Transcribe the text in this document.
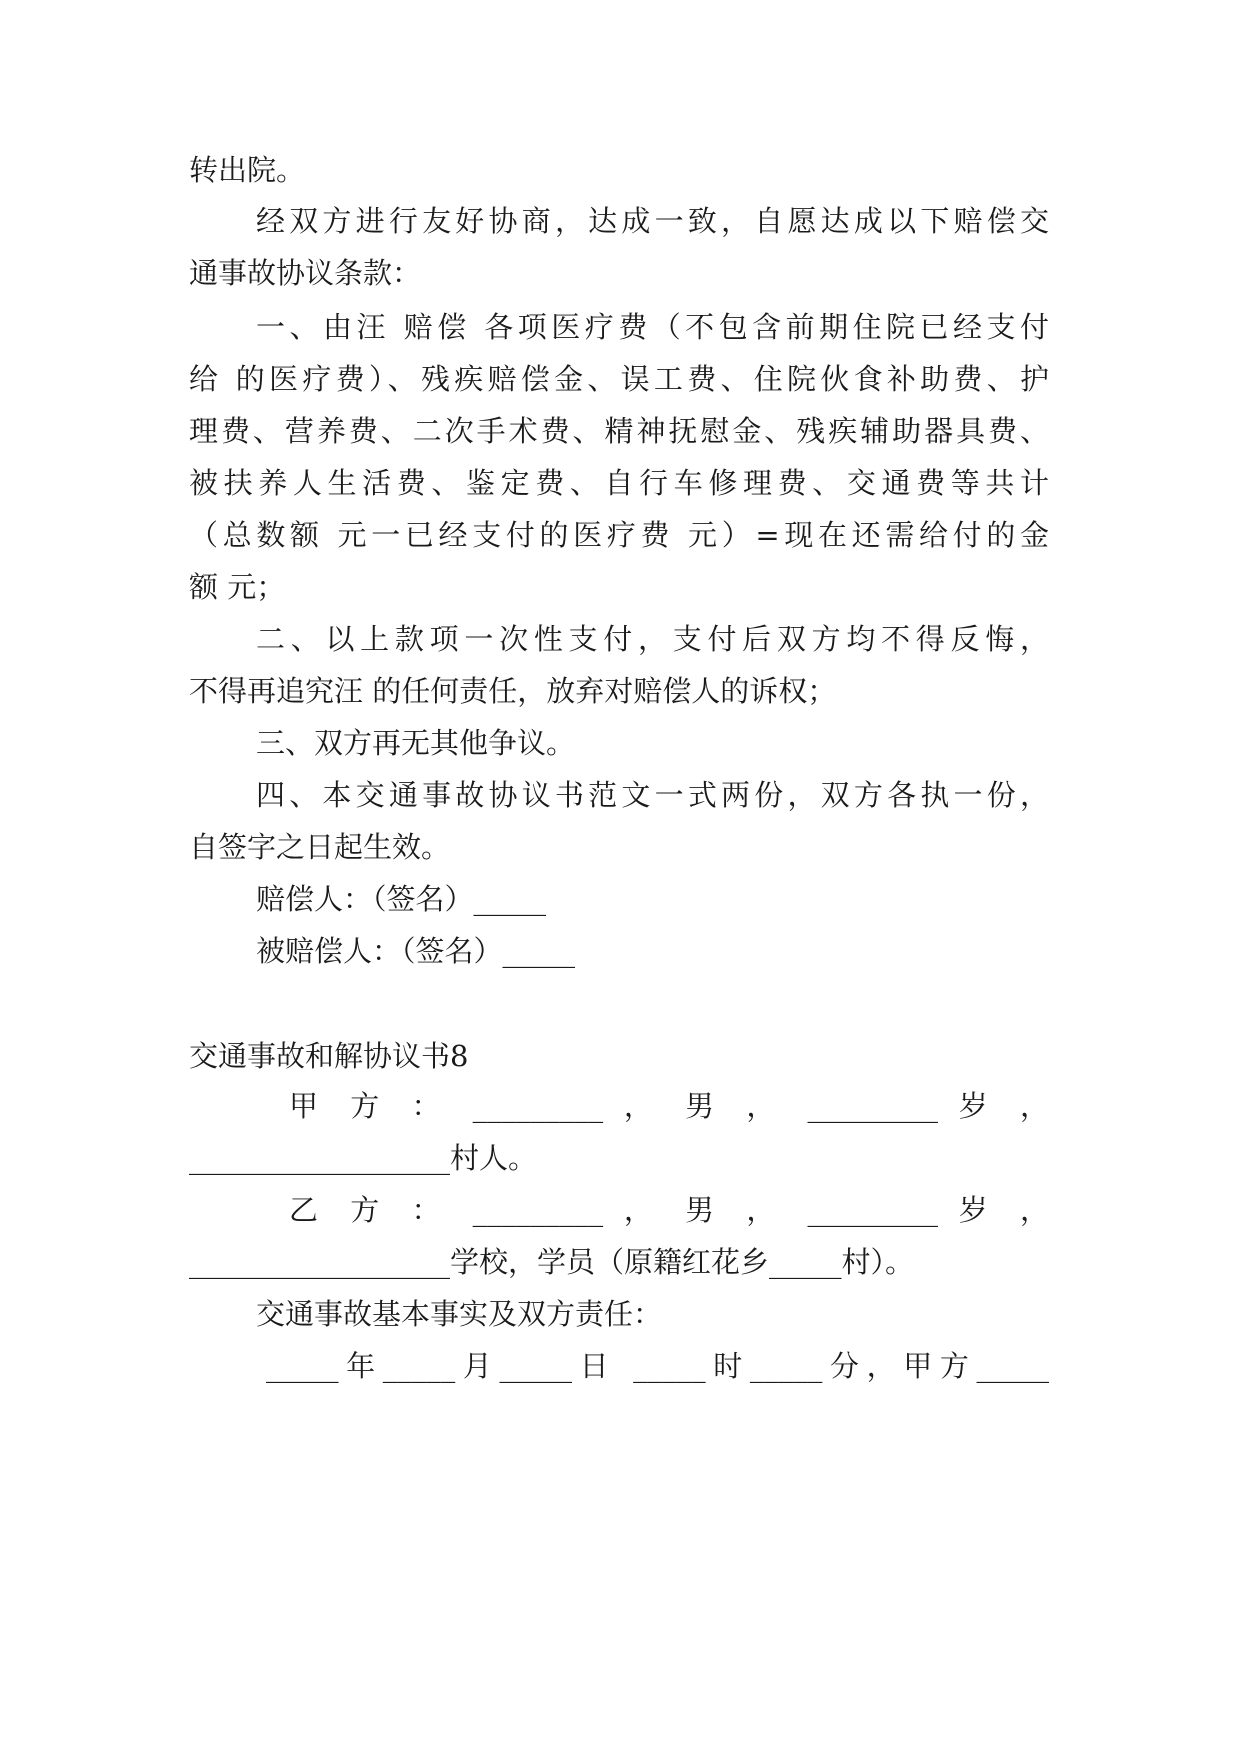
转出院。
经双方进行友好协商，达成一致，自愿达成以下赔偿交
通事故协议条款：
一、由汪 赔偿 各项医疗费（不包含前期住院已经支付
给 的医疗费）、残疾赔偿金、误工费、住院伙食补助费、护
理费、营养费、二次手术费、精神抚慰金、残疾辅助器具费、
被扶养人生活费、鉴定费、自行车修理费、交通费等共计
（总数额 元一已经支付的医疗费 元）=现在还需给付的金
额 元；
二、以上款项一次性支付，支付后双方均不得反悔，
不得再追究汪 的任何责任，放弃对赔偿人的诉权；
三、双方再无其他争议。
四、本交通事故协议书范文一式两份，双方各执一份，
自签字之日起生效。
赔偿人：（签名）_____
被赔偿人：（签名）_____
交通事故和解协议书8
甲 方 ： _________ ， 男 ， _________ 岁 ，
__________________村人。
乙 方 ： _________ ， 男 ， _________ 岁 ，
__________________学校，学员（原籍红花乡_____村）。
交通事故基本事实及双方责任：
_____年_____月_____日 _____时_____分，甲方_____
